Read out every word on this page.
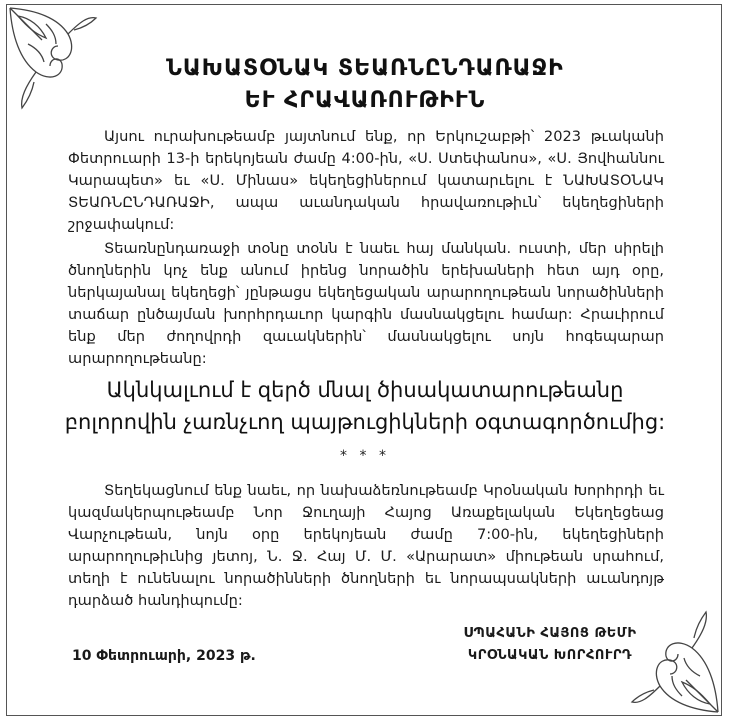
ՆԱԽԱՏՕՆԱԿ ՏԵԱՌՆԸՆԴԱՌԱՋԻ
ԵՒ ՀՐԱՎԱՌՈՒԹԻՒՆ
Այսու ուրախութեամբ յայտնում ենք, որ Երկուշաբթի՝ 2023 թւականի Փետրուարի 13-ի երեկոյեան ժամը 4:00-ին, «Ս. Ստեփանոս», «Ս. Յովհաննու Կարապետ» եւ «Ս. Մինաս» եկեղեցիներում կատարւելու է ՆԱԽԱՏՕՆԱԿ ՏԵԱՌՆԸՆԴԱՌԱՋԻ, ապա աւանդական հրավառութիւն՝ եկեղեցիների շրջափակում:
Տեառնընդառաջի տօնը տօնն է նաեւ հայ մանկան. ուստի, մեր սիրելի ծնողներին կոչ ենք անում իրենց նորածին երեխաների հետ այդ օրը, ներկայանալ եկեղեցի՝ յընթացս եկեղեցական արարողութեան նորածինների տաճար ընծայման խորհրդաւոր կարգին մասնակցելու համար: Հրաւիրում ենք մեր ժողովրդի զաւակներին՝ մասնակցելու սոյն հոգեպարար արարողութեանը:
Ակնկալւում է զերծ մնալ ծիսակատարութեանը
բոլորովին չառնչւող պայթուցիկների օգտագործումից:
* * *
Տեղեկացնում ենք նաեւ, որ նախաձեռնութեամբ Կրօնական Խորհրդի եւ կազմակերպութեամբ Նոր Ջուղայի Հայոց Առաքելական Եկեղեցեաց Վարչութեան, նոյն օրը երեկոյեան ժամը 7:00-ին, եկեղեցիների արարողութիւնից յետոյ, Ն. Ջ. Հայ Մ. Մ. «Արարատ» միութեան սրահում, տեղի է ունենալու նորածինների ծնողների եւ նորապսակների աւանդոյթ դարձած հանդիպումը:
10 Փետրուարի, 2023 թ.
ՍՊԱՀԱՆԻ ՀԱՅՈՑ ԹԵՄԻ
ԿՐՕՆԱԿԱՆ ԽՈՐՀՈՒՐԴ
